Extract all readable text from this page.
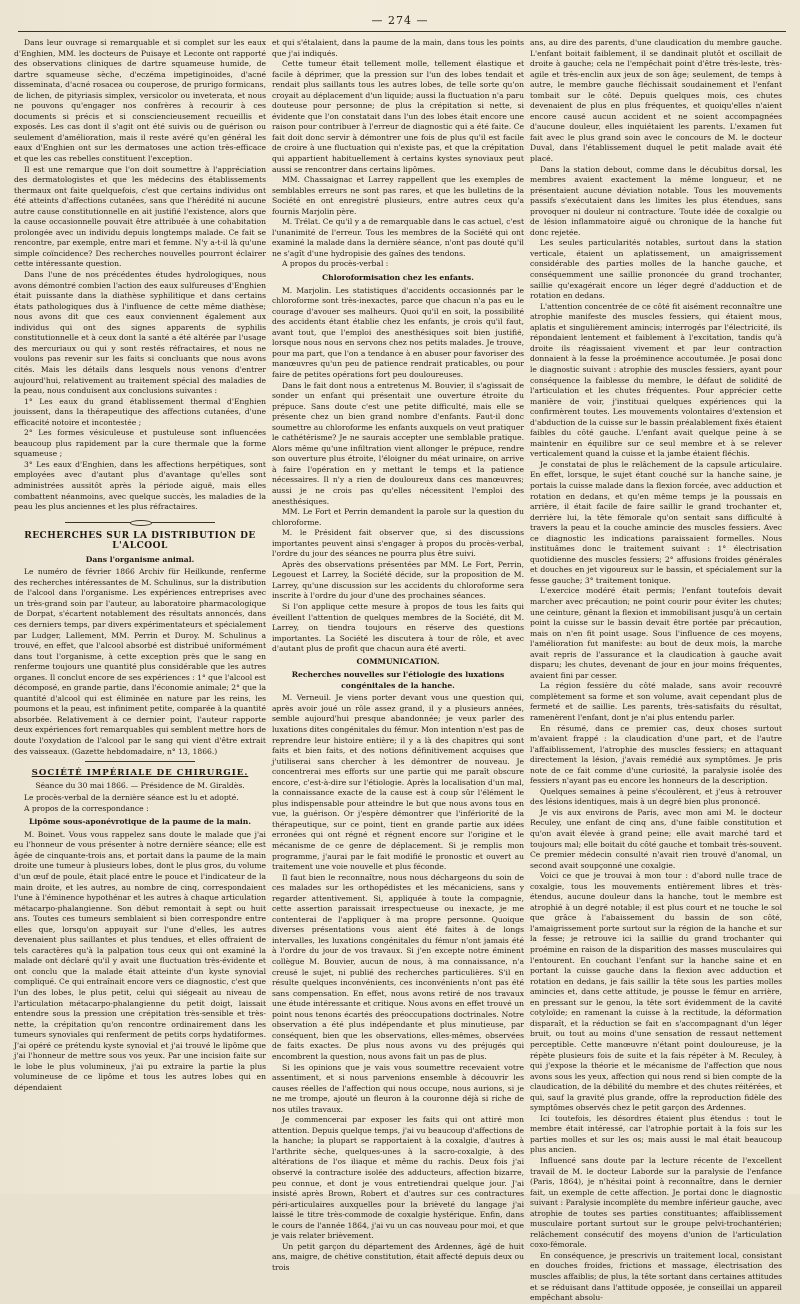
— 274 —

Dans leur ouvrage si remarquable et si complet sur les eaux d'Enghien, MM. les docteurs de Puisaye et Leconte ont rapporté des observations cliniques de dartre squameuse humide, de dartre squameuse sèche, d'eczéma impetiginoides, d'acné disseminata, d'acné rosacea ou couperose, de prurigo formicans, de lichen, de pityriasis simplex, versicolor ou inveterata, et nous ne pouvons qu'engager nos confrères à recourir à ces documents si précis et si consciencieusement recueillis et exposés. Les cas dont il s'agit ont été suivis ou de guérison ou seulement d'amélioration, mais il reste avéré qu'en général les eaux d'Enghien ont sur les dermatoses une action très-efficace et que les cas rebelles constituent l'exception.

Il est une remarque que l'on doit soumettre à l'appréciation des dermatologistes et que les médecins des établissements thermaux ont faite quelquefois, c'est que certains individus ont été atteints d'affections cutanées, sans que l'hérédité ni aucune autre cause constitutionnelle en ait justifié l'existence, alors que la cause occasionnelle pouvait être attribuée à une cohabitation prolongée avec un individu depuis longtemps malade. Ce fait se rencontre, par exemple, entre mari et femme. N'y a-t-il là qu'une simple coïncidence? Des recherches nouvelles pourront éclairer cette intéressante question.

Dans l'une de nos précédentes études hydrologiques, nous avons démontré combien l'action des eaux sulfureuses d'Enghien était puissante dans la diathèse syphilitique et dans certains états pathologiques dus à l'influence de cette même diathèse; nous avons dit que ces eaux conviennent également aux individus qui ont des signes apparents de syphilis constitutionnelle et à ceux dont la santé a été altérée par l'usage des mercuriaux ou qui y sont restés réfractaires, et nous ne voulons pas revenir sur les faits si concluants que nous avons cités. Mais les détails dans lesquels nous venons d'entrer aujourd'hui, relativement au traitement spécial des maladies de la peau, nous conduisent aux conclusions suivantes :

1° Les eaux du grand établissement thermal d'Enghien jouissent, dans la thérapeutique des affections cutanées, d'une efficacité notoire et incontestée ;

2° Les formes vésiculeuse et pustuleuse sont influencées beaucoup plus rapidement par la cure thermale que la forme squameuse ;

3° Les eaux d'Enghien, dans les affections herpétiques, sont employées avec d'autant plus d'avantage qu'elles sont administrées aussitôt après la période aiguë, mais elles combattent néanmoins, avec quelque succès, les maladies de la peau les plus anciennes et les plus réfractaires.

RECHERCHES SUR LA DISTRIBUTION DE L'ALCOOL
Dans l'organisme animal.

Le numéro de février 1866 Archiv für Heilkunde, renferme des recherches intéressantes de M. Schulinus, sur la distribution de l'alcool dans l'organisme. Les expériences entreprises avec un très-grand soin par l'auteur, au laboratoire pharmacologique de Dorpat, s'écartent notablement des résultats annoncés, dans ces derniers temps, par divers expérimentateurs et spécialement par Ludger, Lallement, MM. Perrin et Duroy. M. Schulinus a trouvé, en effet, que l'alcool absorbé est distribué uniformément dans tout l'organisme, à cette exception près que le sang en renferme toujours une quantité plus considérable que les autres organes. Il conclut encore de ses expériences : 1° que l'alcool est décomposé, en grande partie, dans l'économie animale; 2° que la quantité d'alcool qui est éliminée en nature par les reins, les poumons et la peau, est infiniment petite, comparée à la quantité absorbée. Relativement à ce dernier point, l'auteur rapporte deux expériences fort remarquables qui semblent mettre hors de doute l'oxydation de l'alcool par le sang qui vient d'être extrait des vaisseaux. (Gazette hebdomadaire, n° 13, 1866.)

SOCIÉTÉ IMPÉRIALE DE CHIRURGIE.
Séance du 30 mai 1866. — Présidence de M. Giraldès.

Le procès-verbal de la dernière séance est lu et adopté.

A propos de la correspondance :

Lipôme sous-aponévrotique de la paume de la main.

M. Boinet. Vous vous rappelez sans doute le malade que j'ai eu l'honneur de vous présenter à notre dernière séance; elle est âgée de cinquante-trois ans, et portait dans la paume de la main droite une tumeur à plusieurs lobes, dont le plus gros, du volume d'un œuf de poule, était placé entre le pouce et l'indicateur de la main droite, et les autres, au nombre de cinq, correspondaient l'une à l'éminence hypothénar et les autres à chaque articulation métacarpo-phalangienne. Son début remontait à sept ou huit ans. Toutes ces tumeurs semblaient si bien correspondre entre elles que, lorsqu'on appuyait sur l'une d'elles, les autres devenaient plus saillantes et plus tendues, et elles offraient de tels caractères qu'à la palpation tous ceux qui ont examiné la malade ont déclaré qu'il y avait une fluctuation très-évidente et ont conclu que la malade était atteinte d'un kyste synovial compliqué. Ce qui entraînait encore vers ce diagnostic, c'est que l'un des lobes, le plus petit, celui qui siégeait au niveau de l'articulation métacarpo-phalangienne du petit doigt, laissait entendre sous la pression une crépitation très-sensible et très-nette, la crépitation qu'on rencontre ordinairement dans les tumeurs synoviales qui renferment de petits corps hydatiformes. J'ai opéré ce prétendu kyste synovial et j'ai trouvé le lipôme que j'ai l'honneur de mettre sous vos yeux. Par une incision faite sur le lobe le plus volumineux, j'ai pu extraire la partie la plus volumineuse de ce lipôme et tous les autres lobes qui en dépendaient

et qui s'étalaient, dans la paume de la main, dans tous les points que j'ai indiqués.

Cette tumeur était tellement molle, tellement élastique et facile à déprimer, que la pression sur l'un des lobes tendait et rendait plus saillants tous les autres lobes, de telle sorte qu'on croyait au déplacement d'un liquide; aussi la fluctuation n'a paru douteuse pour personne; de plus la crépitation si nette, si évidente que l'on constatait dans l'un des lobes était encore une raison pour contribuer à l'erreur de diagnostic qui a été faite. Ce fait doit donc servir à démontrer une fois de plus qu'il est facile de croire à une fluctuation qui n'existe pas, et que la crépitation qui appartient habituellement à certains kystes synoviaux peut aussi se rencontrer dans certains lipômes.

MM. Chassaignac et Larrey rappellent que les exemples de semblables erreurs ne sont pas rares, et que les bulletins de la Société en ont enregistré plusieurs, entre autres ceux qu'a fournis Marjolin père.

M. Trélat. Ce qu'il y a de remarquable dans le cas actuel, c'est l'unanimité de l'erreur. Tous les membres de la Société qui ont examiné la malade dans la dernière séance, n'ont pas douté qu'il ne s'agît d'une hydropisie des gaînes des tendons.

A propos du procès-verbal :

Chloroformisation chez les enfants.

M. Marjolin. Les statistiques d'accidents occasionnés par le chloroforme sont très-inexactes, parce que chacun n'a pas eu le courage d'avouer ses malheurs. Quoi qu'il en soit, la possibilité des accidents étant établie chez les enfants, je crois qu'il faut, avant tout, que l'emploi des anesthésiques soit bien justifié, lorsque nous nous en servons chez nos petits malades. Je trouve, pour ma part, que l'on a tendance à en abuser pour favoriser des manœuvres qu'un peu de patience rendrait praticables, ou pour faire de petites opérations fort peu douloureuses.

Dans le fait dont nous a entretenus M. Bouvier, il s'agissait de sonder un enfant qui présentait une ouverture étroite du prépuce. Sans doute c'est une petite difficulté, mais elle se présente chez un bien grand nombre d'enfants. Faut-il donc soumettre au chloroforme les enfants auxquels on veut pratiquer le cathétérisme? Je ne saurais accepter une semblable pratique. Alors même qu'une infiltration vient allonger le prépuce, rendre son ouverture plus étroite, l'éloigner du méat urinaire, on arrive à faire l'opération en y mettant le temps et la patience nécessaires. Il n'y a rien de douloureux dans ces manœuvres; aussi je ne crois pas qu'elles nécessitent l'emploi des anesthésiques.

MM. Le Fort et Perrin demandent la parole sur la question du chloroforme.

M. le Président fait observer que, si des discussions importantes peuvent ainsi s'engager à propos du procès-verbal, l'ordre du jour des séances ne pourra plus être suivi.

Après des observations présentées par MM. Le Fort, Perrin, Legouest et Larrey, la Société décide, sur la proposition de M. Larrey, qu'une discussion sur les accidents du chloroforme sera inscrite à l'ordre du jour d'une des prochaines séances.

Si l'on applique cette mesure à propos de tous les faits qui éveillent l'attention de quelques membres de la Société, dit M. Larrey, on tiendra toujours en réserve des questions importantes. La Société les discutera à tour de rôle, et avec d'autant plus de profit que chacun aura été averti.

COMMUNICATION.
Recherches nouvelles sur l'étiologie des luxations congénitales de la hanche.

M. Verneuil. Je viens porter devant vous une question qui, après avoir joué un rôle assez grand, il y a plusieurs années, semble aujourd'hui presque abandonnée; je veux parler des luxations dites congénitales du fémur. Mon intention n'est pas de reprendre leur histoire entière; il y a là des chapitres qui sont faits et bien faits, et des notions définitivement acquises que j'utiliserai sans chercher à les démontrer de nouveau. Je concentrerai mes efforts sur une partie qui me paraît obscure encore, c'est-à-dire sur l'étiologie. Après la localisation d'un mal, la connaissance exacte de la cause est à coup sûr l'élément le plus indispensable pour atteindre le but que nous avons tous en vue, la guérison. Or j'espère démontrer que l'infériorité de la thérapeutique, sur ce point, tient en grande partie aux idées erronées qui ont régné et régnent encore sur l'origine et le mécanisme de ce genre de déplacement. Si je remplis mon programme, j'aurai par le fait modifié le pronostic et ouvert au traitement une voie nouvelle et plus féconde.

Il faut bien le reconnaître, nous nous déchargeons du soin de ces malades sur les orthopédistes et les mécaniciens, sans y regarder attentivement. Si, appliquée à toute la compagnie, cette assertion paraissait irrespectueuse ou inexacte, je me contenterai de l'appliquer à ma propre personne. Quoique diverses présentations vous aient été faites à de longs intervalles, les luxations congénitales du fémur n'ont jamais été à l'ordre du jour de vos travaux. Si j'en excepte notre éminent collègue M. Bouvier, aucun de nous, à ma connaissance, n'a creusé le sujet, ni publié des recherches particulières. S'il en résulte quelques inconvénients, ces inconvénients n'ont pas été sans compensation. En effet, nous avons retiré de nos travaux une étude intéressante et critique. Nous avons en effet trouvé un point nous tenons écartés des préoccupations doctrinales. Notre observation a été plus indépendante et plus minutieuse, par conséquent, bien que les observations, elles-mêmes, observées de faits exactes. De plus nous avons vu des préjugés qui encombrent la question, nous avons fait un pas de plus.

Si les opinions que je vais vous soumettre recevaient votre assentiment, et si nous parvenions ensemble à découvrir les causes réelles de l'affection qui nous occupe, nous aurions, si je ne me trompe, ajouté un fleuron à la couronne déjà si riche de nos utiles travaux.

Je commencerai par exposer les faits qui ont attiré mon attention. Depuis quelque temps, j'ai vu beaucoup d'affections de la hanche; la plupart se rapportaient à la coxalgie, d'autres à l'arthrite sèche, quelques-unes à la sacro-coxalgie, à des altérations de l'os iliaque et même du rachis. Deux fois j'ai observé la contracture isolée des adducteurs, affection bizarre, peu connue, et dont je vous entretiendrai quelque jour. J'ai insisté après Brown, Robert et d'autres sur ces contractures péri-articulaires auxquelles pour la brièveté du langage j'ai laissé le titre très-commode de coxalgie hystérique. Enfin, dans le cours de l'année 1864, j'ai vu un cas nouveau pour moi, et que je vais relater brièvement.

Un petit garçon du département des Ardennes, âgé de huit ans, maigre, de chétive constitution, était affecté depuis deux ou trois

ans, au dire des parents, d'une claudication du membre gauche. L'enfant boitait faiblement, il se dandinait plutôt et oscillait de droite à gauche; cela ne l'empêchait point d'être très-leste, très-agile et très-enclin aux jeux de son âge; seulement, de temps à autre, le membre gauche fléchissait soudainement et l'enfant tombait sur le côté. Depuis quelques mois, ces chutes devenaient de plus en plus fréquentes, et quoiqu'elles n'aient encore causé aucun accident et ne soient accompagnées d'aucune douleur, elles inquiétaient les parents. L'examen fut fait avec le plus grand soin avec le concours de M. le docteur Duval, dans l'établissement duquel le petit malade avait été placé.

Dans la station debout, comme dans le décubitus dorsal, les membres avaient exactement la même longueur, et ne présentaient aucune déviation notable. Tous les mouvements passifs s'exécutaient dans les limites les plus étendues, sans provoquer ni douleur ni contracture. Toute idée de coxalgie ou de lésion inflammatoire aiguë ou chronique de la hanche fut donc rejetée.

Les seules particularités notables, surtout dans la station verticale, étaient un aplatissement, un amaigrissement considérable des parties molles de la hanche gauche, et conséquemment une saillie prononcée du grand trochanter, saillie qu'exagérait encore un léger degré d'adduction et de rotation en dedans.

L'attention concentrée de ce côté fit aisément reconnaître une atrophie manifeste des muscles fessiers, qui étaient mous, aplatis et singulièrement amincis; interrogés par l'électricité, ils répondaient lentement et faiblement à l'excitation, tandis qu'à droite ils réagissaient vivement et par leur contraction donnaient à la fesse la proéminence accoutumée. Je posai donc le diagnostic suivant : atrophie des muscles fessiers, ayant pour conséquence la faiblesse du membre, le défaut de solidité de l'articulation et les chutes fréquentes. Pour apprécier cette manière de voir, j'instituai quelques expériences qui la confirmèrent toutes. Les mouvements volontaires d'extension et d'abduction de la cuisse sur le bassin préalablement fixés étaient faibles du côté gauche. L'enfant avait quelque peine à se maintenir en équilibre sur ce seul membre et à se relever verticalement quand la cuisse et la jambe étaient fléchis.

Je constatai de plus le relâchement de la capsule articulaire. En effet, lorsque, le sujet étant couché sur la hanche saine, je portais la cuisse malade dans la flexion forcée, avec adduction et rotation en dedans, et qu'en même temps je la poussais en arrière, il était facile de faire saillir le grand trochanter et, derrière lui, la tête fémorale qu'on sentait sans difficulté à travers la peau et la couche amincie des muscles fessiers. Avec ce diagnostic les indications paraissaient formelles. Nous instituâmes donc le traitement suivant : 1° électrisation quotidienne des muscles fessiers; 2° affusions froides générales et douches en jet vigoureux sur le bassin, et spécialement sur la fesse gauche; 3° traitement tonique.

L'exercice modéré était permis; l'enfant toutefois devait marcher avec précaution; ne point courir pour éviter les chutes; une ceinture, gênant la flexion et immobilisant jusqu'à un certain point la cuisse sur le bassin devait être portée par précaution, mais on n'en fit point usage. Sous l'influence de ces moyens, l'amélioration fut manifeste: au bout de deux mois, la marche avait repris de l'assurance et la claudication à gauche avait disparu; les chutes, devenant de jour en jour moins fréquentes, avaient fini par cesser.

La région fessière du côté malade, sans avoir recouvré complètement sa forme et son volume, avait cependant plus de fermeté et de saillie. Les parents, très-satisfaits du résultat, ramenèrent l'enfant, dont je n'ai plus entendu parler.

En résumé, dans ce premier cas, deux choses surtout m'avaient frappé : la claudication d'une part, et de l'autre l'affaiblissement, l'atrophie des muscles fessiers; en attaquant directement la lésion, j'avais remédié aux symptômes. Je pris note de ce fait comme d'une curiosité, la paralysie isolée des fessiers n'ayant pas eu encore les honneurs de la description.

Quelques semaines à peine s'écoulèrent, et j'eus à retrouver des lésions identiques, mais à un degré bien plus prononcé.

Je vis aux environs de Paris, avec mon ami M. le docteur Reculey, une enfant de cinq ans, d'une faible constitution et qu'on avait élevée à grand peine; elle avait marché tard et toujours mal; elle boitait du côté gauche et tombait très-souvent. Ce premier médecin consulté n'avait rien trouvé d'anomal, un second avait soupçonné une coxalgie.

Voici ce que je trouvai à mon tour : d'abord nulle trace de coxalgie, tous les mouvements entièrement libres et très-étendus, aucune douleur dans la hanche, tout le membre est atrophié à un degré notable; il est plus court et ne touche le sol que grâce à l'abaissement du bassin de son côté, l'amaigrissement porte surtout sur la région de la hanche et sur la fesse; je retrouve ici la saillie du grand trochanter qui proémine en raison de la disparition des masses musculaires qui l'entourent. En couchant l'enfant sur la hanche saine et en portant la cuisse gauche dans la flexion avec adduction et rotation en dedans, je fais saillir la tête sous les parties molles amincies et, dans cette attitude, je pousse le fémur en arrière, en pressant sur le genou, la tête sort évidemment de la cavité cotyloïde; en ramenant la cuisse à la rectitude, la déformation disparaît, et la réduction se fait en s'accompagnant d'un léger bruit, ou tout au moins d'une sensation de ressaut nettement perceptible. Cette manœuvre n'étant point douloureuse, je la répète plusieurs fois de suite et la fais répéter à M. Reculey, à qui j'expose la théorie et le mécanisme de l'affection que nous avons sous les yeux, affection qui nous rend si bien compte de la claudication, de la débilité du membre et des chutes réitérées, et qui, sauf la gravité plus grande, offre la reproduction fidèle des symptômes observés chez le petit garçon des Ardennes.

Ici toutefois, les désordres étaient plus étendus : tout le membre était intéressé, car l'atrophie portait à la fois sur les parties molles et sur les os; mais aussi le mal était beaucoup plus ancien.

Influencé sans doute par la lecture récente de l'excellent travail de M. le docteur Laborde sur la paralysie de l'enfance (Paris, 1864), je n'hésitai point à reconnaître, dans le dernier fait, un exemple de cette affection. Je portai donc le diagnostic suivant : Paralysie incomplète du membre inférieur gauche, avec atrophie de toutes ses parties constituantes; affaiblissement musculaire portant surtout sur le groupe pelvi-trochantérien; relâchement consécutif des moyens d'union de l'articulation coxo-fémorale.

En conséquence, je prescrivis un traitement local, consistant en douches froides, frictions et massage, électrisation des muscles affaiblis; de plus, la tête sortant dans certaines attitudes et se réduisant dans l'attitude opposée, je conseillai un appareil empêchant absolu-
